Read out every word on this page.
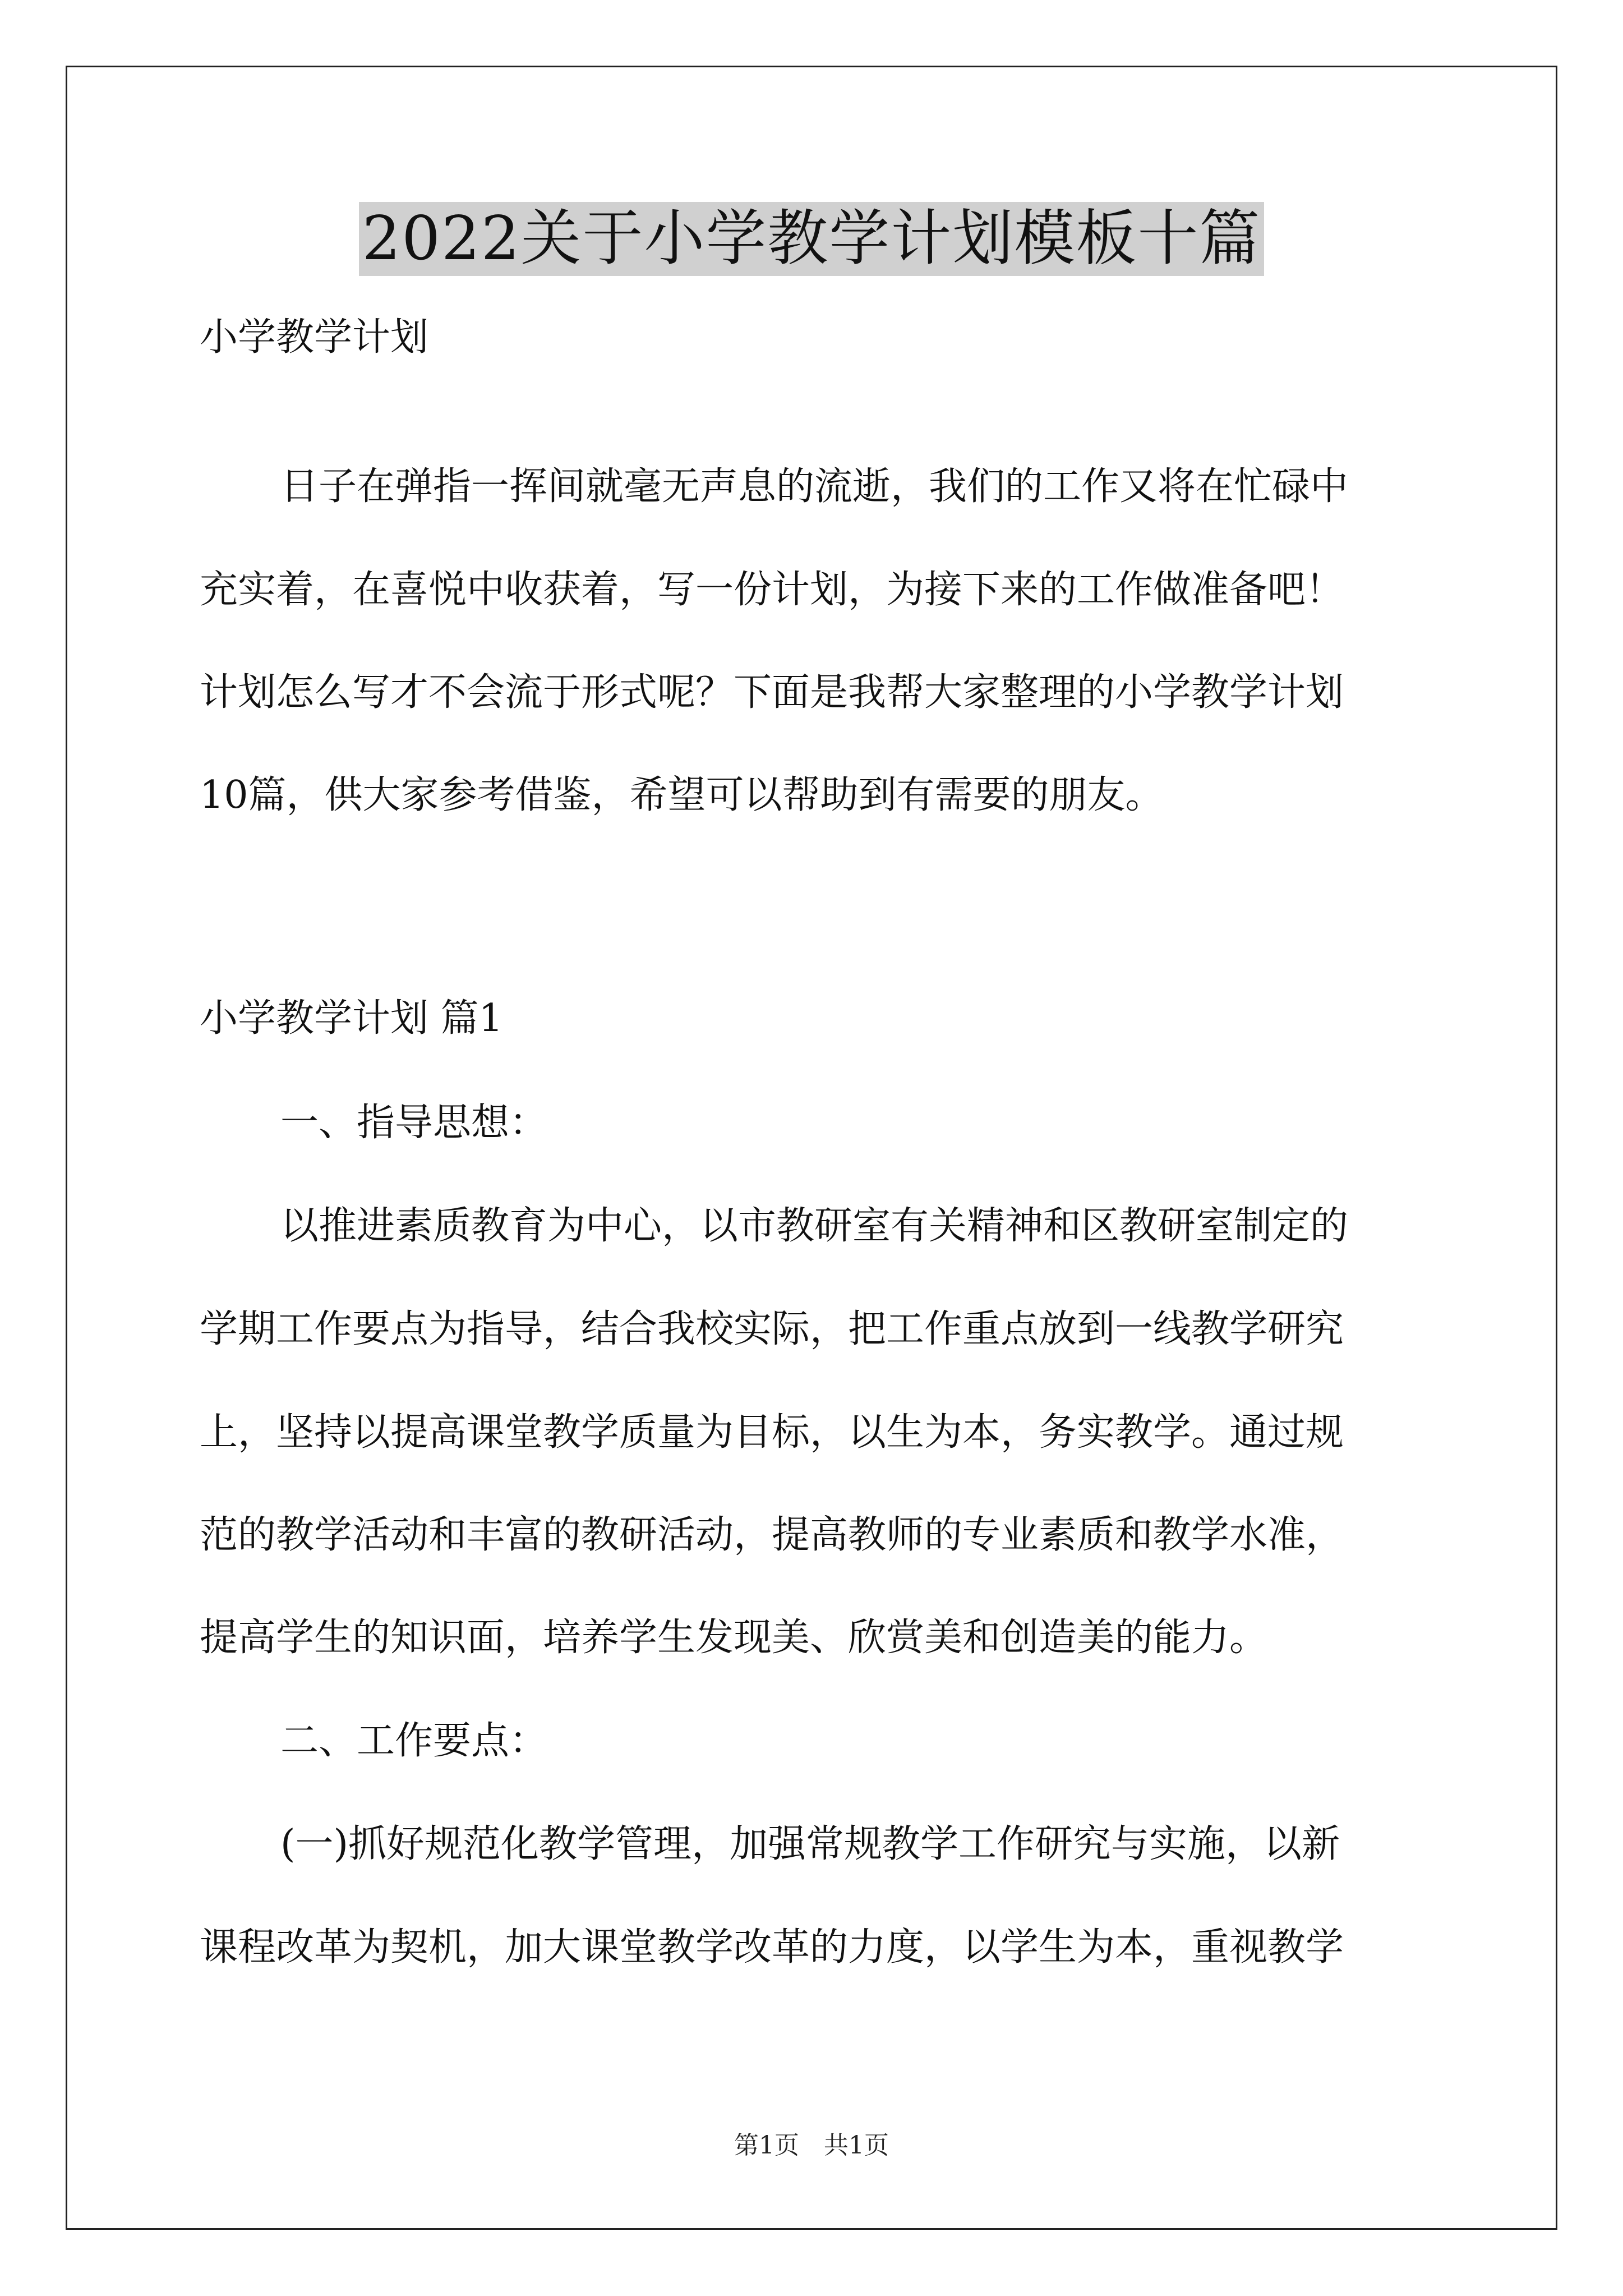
2022关于小学教学计划模板十篇
小学教学计划
日子在弹指一挥间就毫无声息的流逝，我们的工作又将在忙碌中
充实着，在喜悦中收获着，写一份计划，为接下来的工作做准备吧！
计划怎么写才不会流于形式呢？下面是我帮大家整理的小学教学计划
10篇，供大家参考借鉴，希望可以帮助到有需要的朋友。
小学教学计划 篇1
一、指导思想：
以推进素质教育为中心，以市教研室有关精神和区教研室制定的
学期工作要点为指导，结合我校实际，把工作重点放到一线教学研究
上，坚持以提高课堂教学质量为目标，以生为本，务实教学。通过规
范的教学活动和丰富的教研活动，提高教师的专业素质和教学水准，
提高学生的知识面，培养学生发现美、欣赏美和创造美的能力。
二、工作要点：
(一)抓好规范化教学管理，加强常规教学工作研究与实施，以新
课程改革为契机，加大课堂教学改革的力度，以学生为本，重视教学
第1页 共1页
